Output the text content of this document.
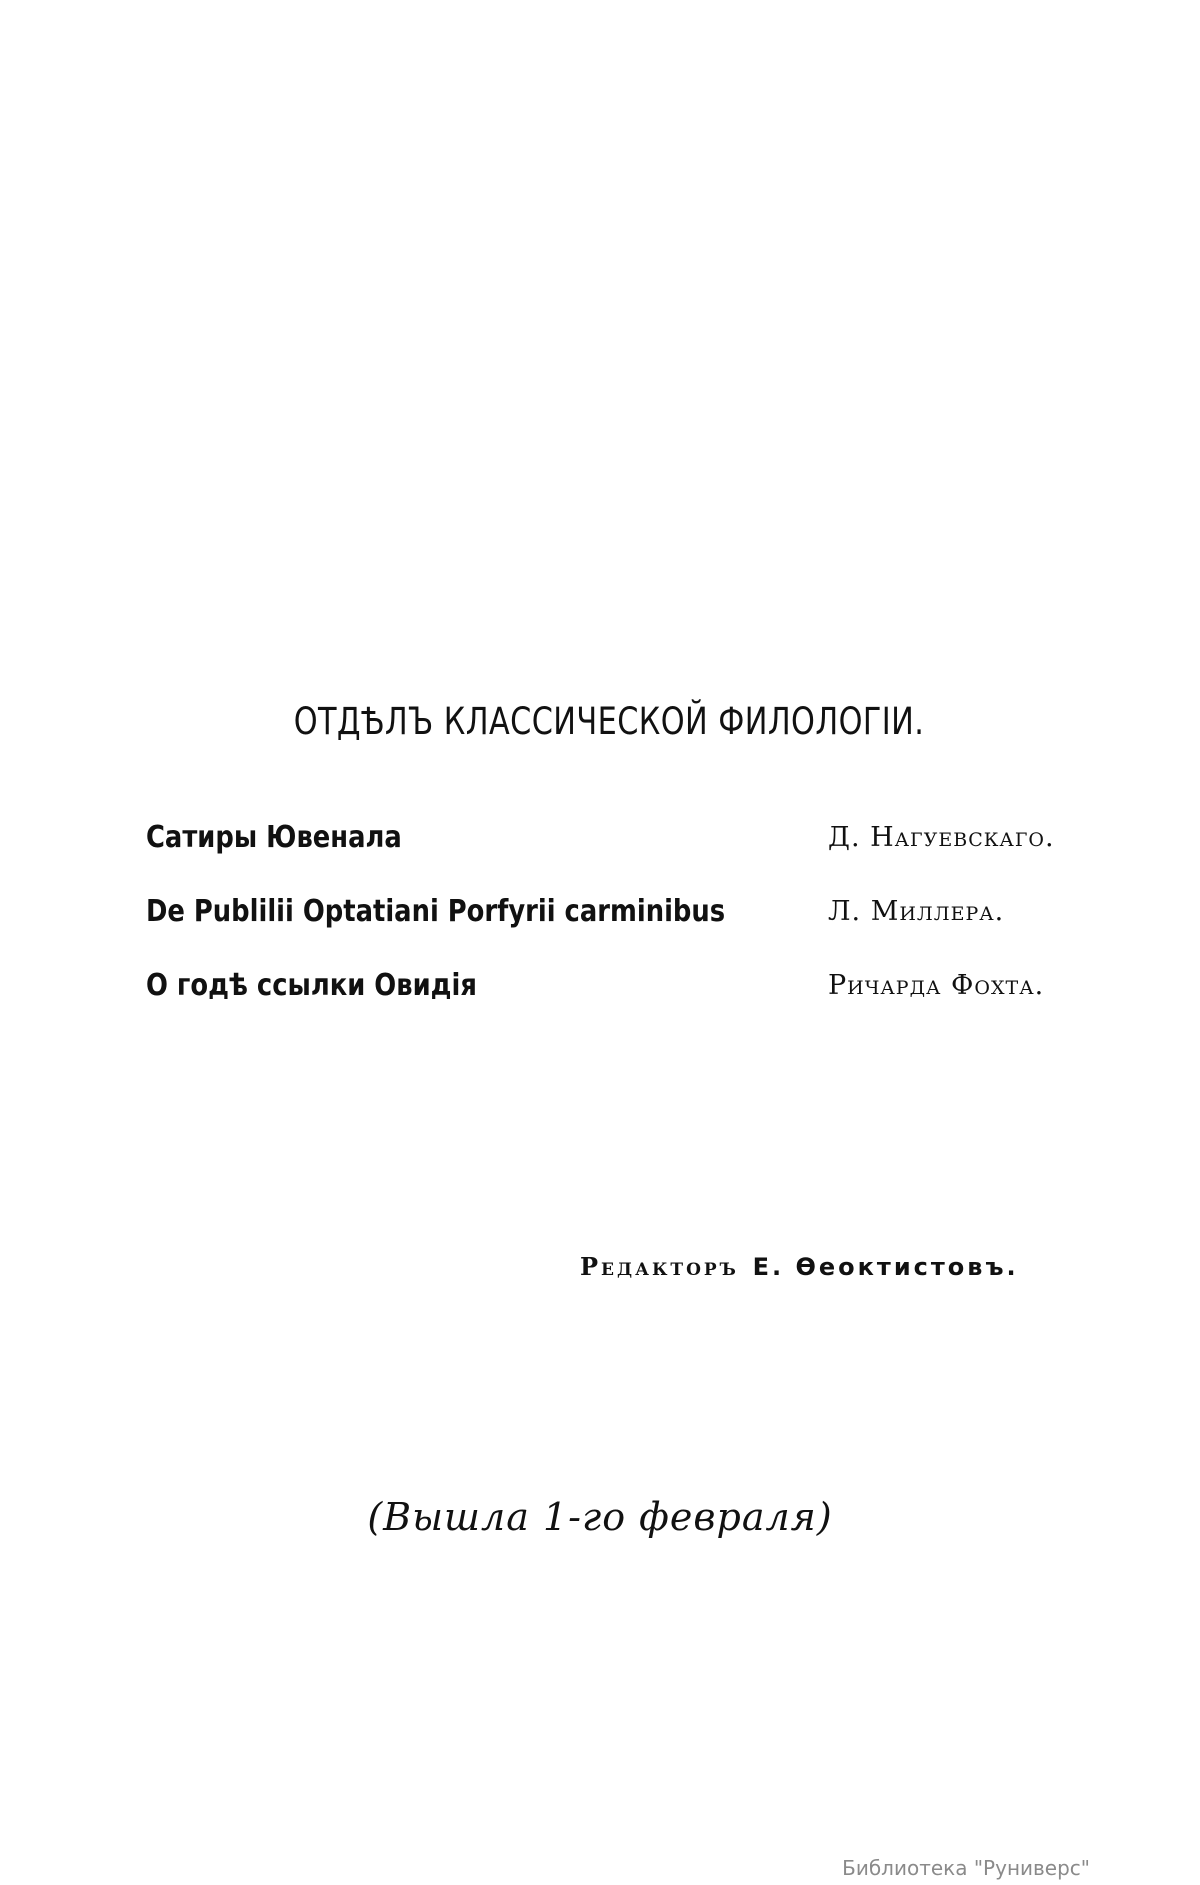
ОТДѢЛЪ КЛАССИЧЕСКОЙ ФИЛОЛОГІИ.
Сатиры Ювенала	Д. Нагуевскаго.
De Publilii Optatiani Porfyrii carminibus	Л. Миллера.
О годѣ ссылки Овидія	Ричарда Фохта.
Редакторъ Е. Ѳеоктистовъ.
(Вышла 1-го февраля)
Библиотека "Руниверс"
